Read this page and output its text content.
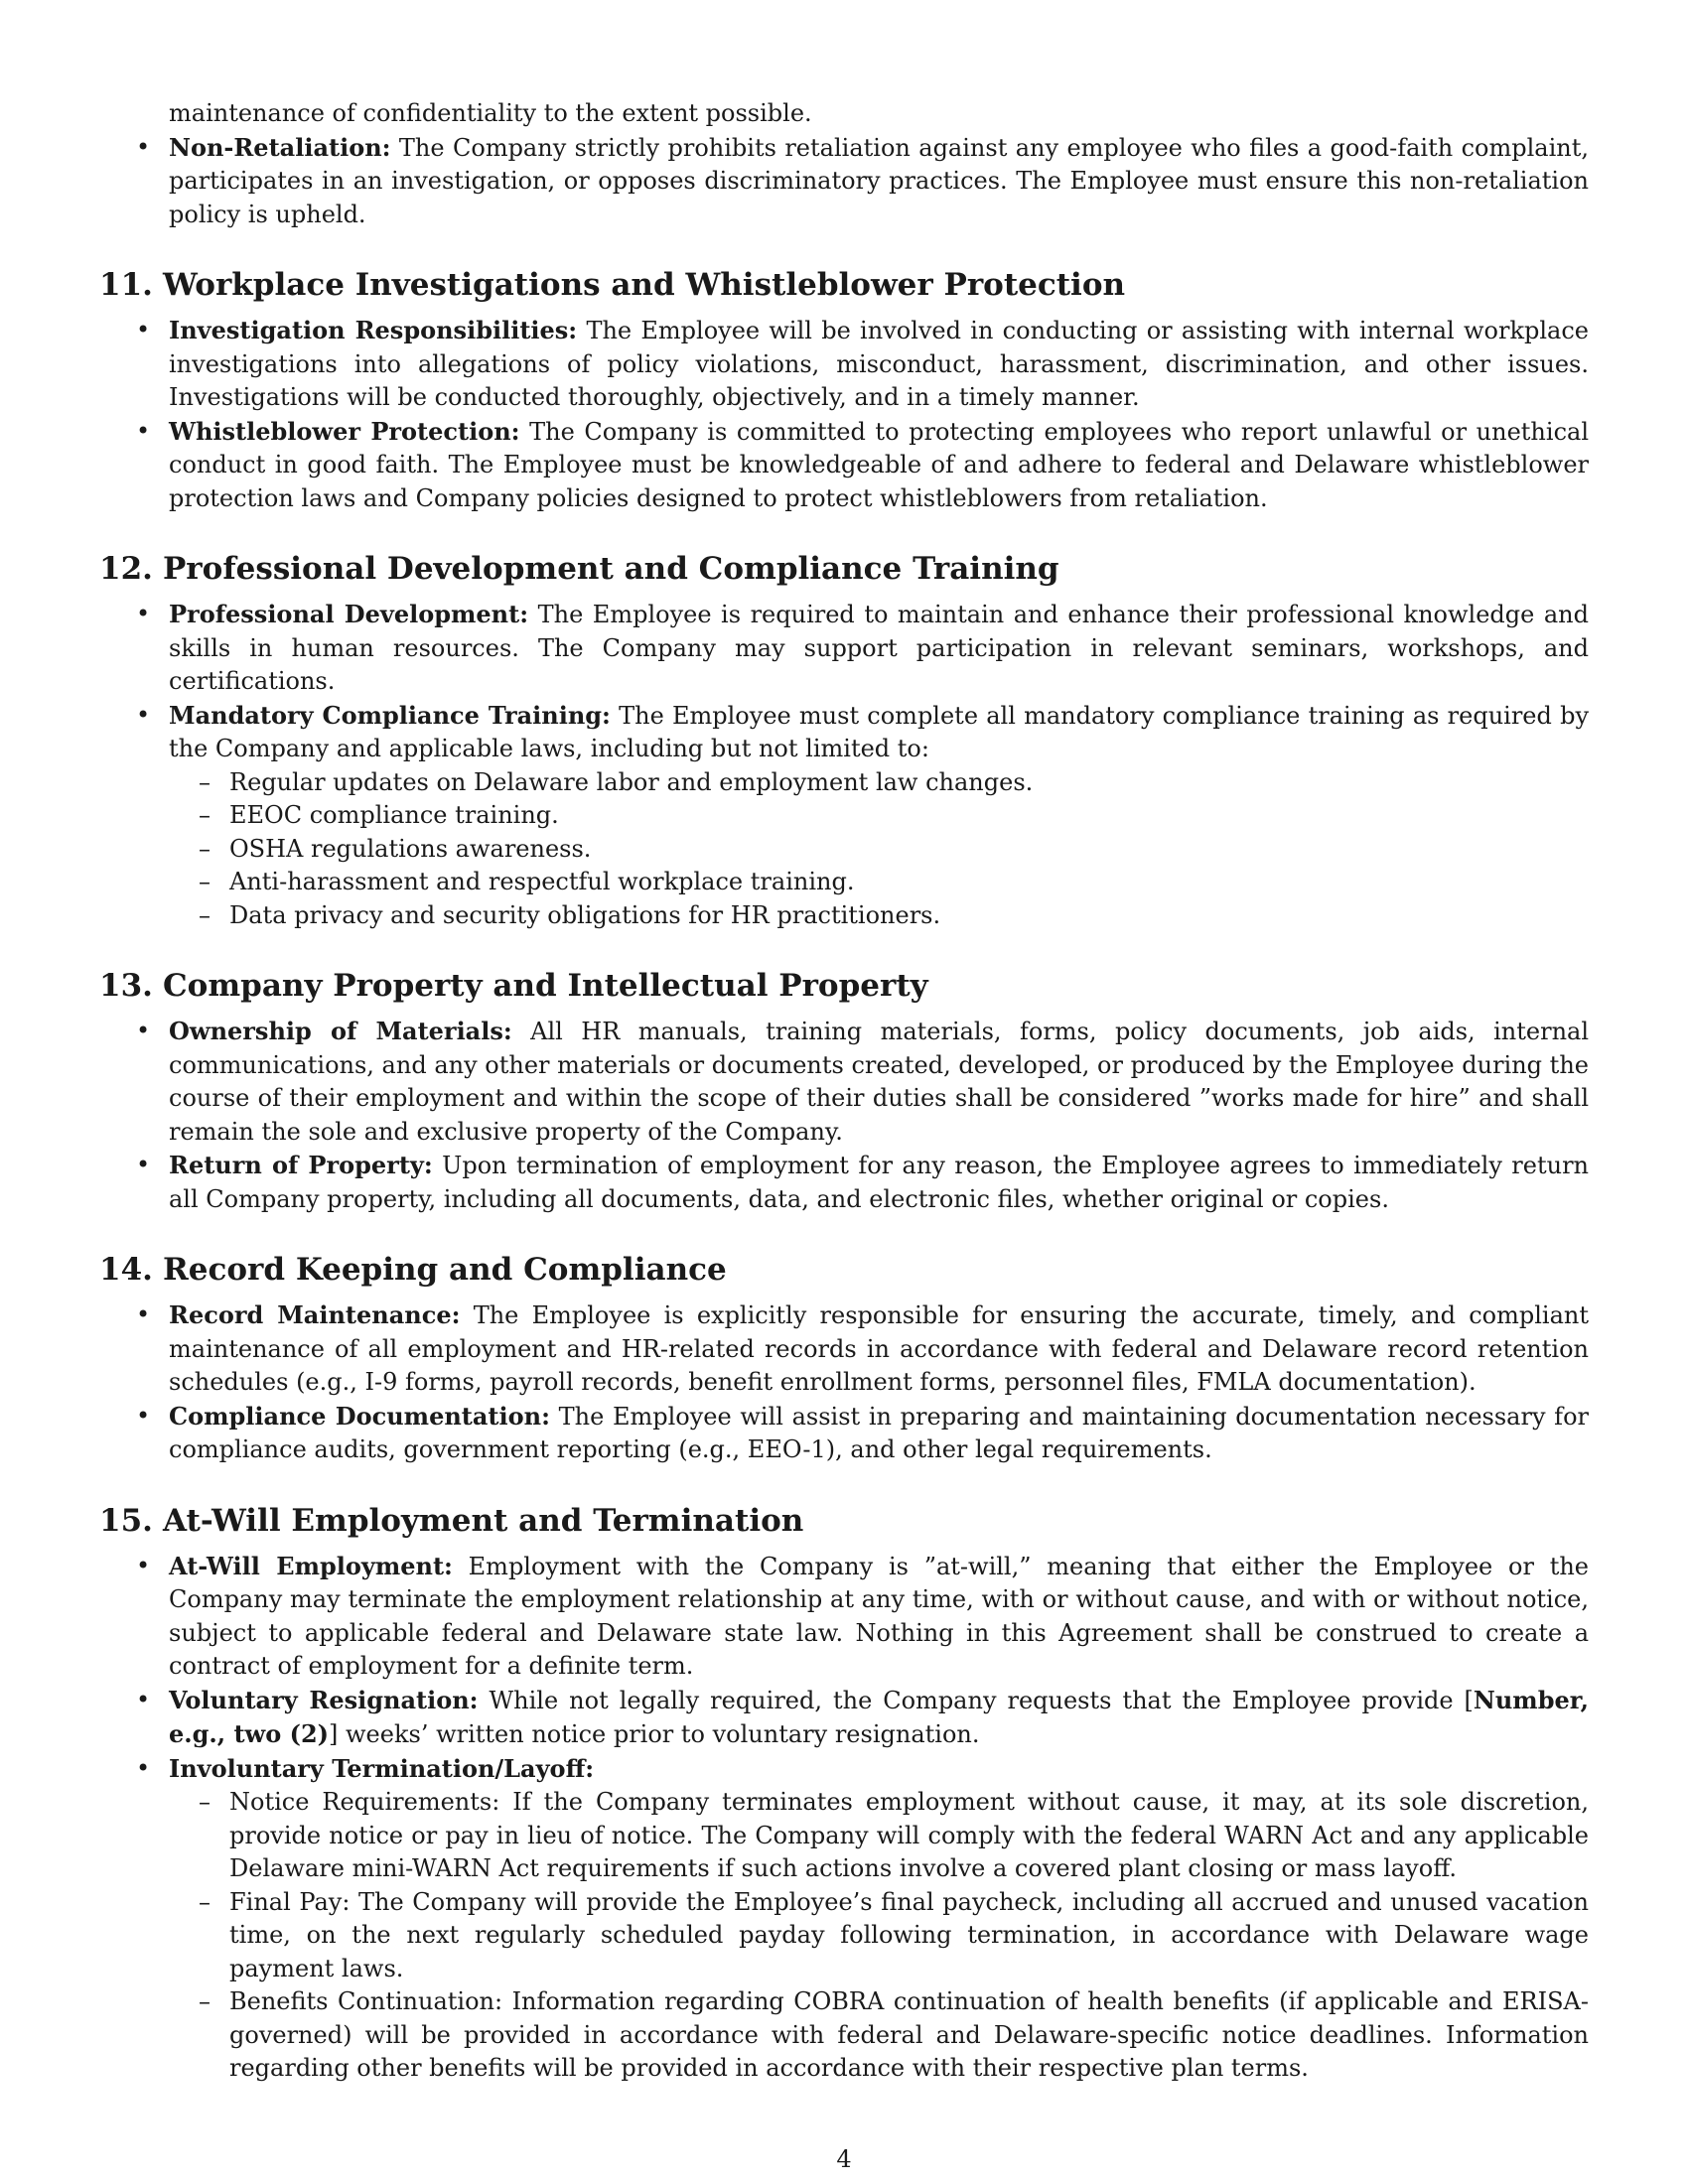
maintenance of confidentiality to the extent possible.

• Non-Retaliation: The Company strictly prohibits retaliation against any employee who files a good-faith complaint, participates in an investigation, or opposes discriminatory practices. The Employee must ensure this non-retaliation policy is upheld.
11. Workplace Investigations and Whistleblower Protection
• Investigation Responsibilities: The Employee will be involved in conducting or assisting with internal workplace investigations into allegations of policy violations, misconduct, harassment, discrimination, and other issues. Investigations will be conducted thoroughly, objectively, and in a timely manner.
• Whistleblower Protection: The Company is committed to protecting employees who report unlawful or unethical conduct in good faith. The Employee must be knowledgeable of and adhere to federal and Delaware whistleblower protection laws and Company policies designed to protect whistleblowers from retaliation.
12. Professional Development and Compliance Training
• Professional Development: The Employee is required to maintain and enhance their professional knowledge and skills in human resources. The Company may support participation in relevant seminars, workshops, and certifications.
• Mandatory Compliance Training: The Employee must complete all mandatory compliance training as required by the Company and applicable laws, including but not limited to:
– Regular updates on Delaware labor and employment law changes.
– EEOC compliance training.
– OSHA regulations awareness.
– Anti-harassment and respectful workplace training.
– Data privacy and security obligations for HR practitioners.
13. Company Property and Intellectual Property
• Ownership of Materials: All HR manuals, training materials, forms, policy documents, job aids, internal communications, and any other materials or documents created, developed, or produced by the Employee during the course of their employment and within the scope of their duties shall be considered ”works made for hire” and shall remain the sole and exclusive property of the Company.
• Return of Property: Upon termination of employment for any reason, the Employee agrees to immediately return all Company property, including all documents, data, and electronic files, whether original or copies.
14. Record Keeping and Compliance
• Record Maintenance: The Employee is explicitly responsible for ensuring the accurate, timely, and compliant maintenance of all employment and HR-related records in accordance with federal and Delaware record retention schedules (e.g., I-9 forms, payroll records, benefit enrollment forms, personnel files, FMLA documentation).
• Compliance Documentation: The Employee will assist in preparing and maintaining documentation necessary for compliance audits, government reporting (e.g., EEO-1), and other legal requirements.
15. At-Will Employment and Termination
• At-Will Employment: Employment with the Company is ”at-will,” meaning that either the Employee or the Company may terminate the employment relationship at any time, with or without cause, and with or without notice, subject to applicable federal and Delaware state law. Nothing in this Agreement shall be construed to create a contract of employment for a definite term.
• Voluntary Resignation: While not legally required, the Company requests that the Employee provide [Number, e.g., two (2)] weeks’ written notice prior to voluntary resignation.
• Involuntary Termination/Layoff:
– Notice Requirements: If the Company terminates employment without cause, it may, at its sole discretion, provide notice or pay in lieu of notice. The Company will comply with the federal WARN Act and any applicable Delaware mini-WARN Act requirements if such actions involve a covered plant closing or mass layoff.
– Final Pay: The Company will provide the Employee’s final paycheck, including all accrued and unused vacation time, on the next regularly scheduled payday following termination, in accordance with Delaware wage payment laws.
– Benefits Continuation: Information regarding COBRA continuation of health benefits (if applicable and ERISA-governed) will be provided in accordance with federal and Delaware-specific notice deadlines. Information regarding other benefits will be provided in accordance with their respective plan terms.
4
